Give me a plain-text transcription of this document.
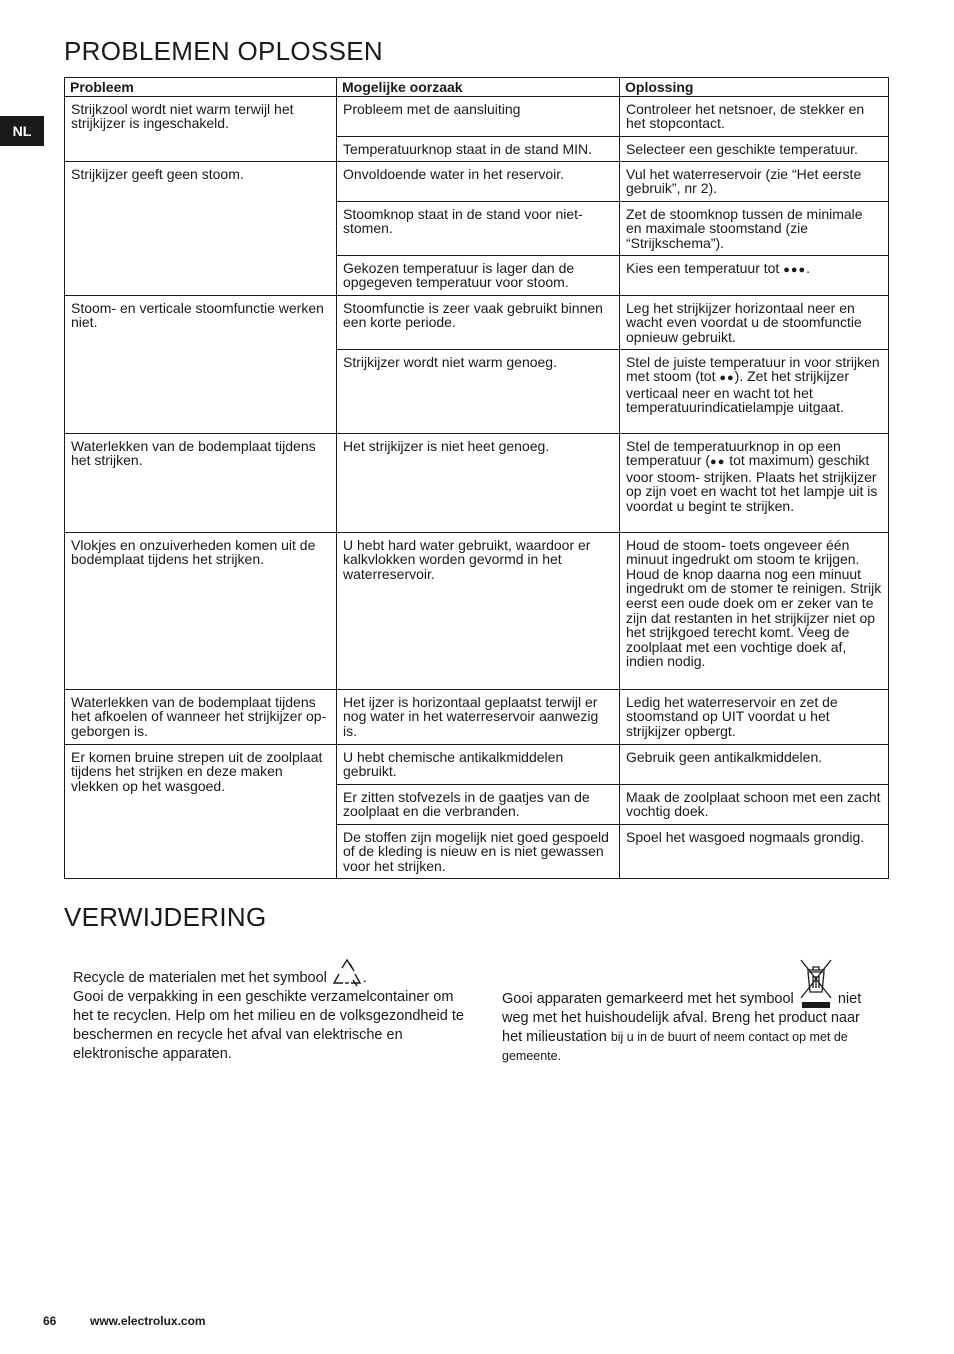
NL
PROBLEMEN OPLOSSEN
Probleem	Mogelijke oorzaak	Oplossing
Strijkzool wordt niet warm terwijl het strijkijzer is ingeschakeld.	Probleem met de aansluiting	Controleer het netsnoer, de stekker en het stopcontact.
	Temperatuurknop staat in de stand MIN.	Selecteer een geschikte temperatuur.
Strijkijzer geeft geen stoom.	Onvoldoende water in het reservoir.	Vul het waterreservoir (zie “Het eerste gebruik”, nr 2).
	Stoomknop staat in de stand voor niet-stomen.	Zet de stoomknop tussen de minimale en maximale stoomstand (zie “Strijkschema”).
	Gekozen temperatuur is lager dan de opgegeven temperatuur voor stoom.	Kies een temperatuur tot ●●●.
Stoom- en verticale stoomfunctie werken niet.	Stoomfunctie is zeer vaak gebruikt binnen een korte periode.	Leg het strijkijzer horizontaal neer en wacht even voordat u de stoomfunctie opnieuw gebruikt.
	Strijkijzer wordt niet warm genoeg.	Stel de juiste temperatuur in voor strijken met stoom (tot ●●). Zet het strijkijzer verticaal neer en wacht tot het temperatuurindicatielampje uitgaat.
Waterlekken van de bodemplaat tijdens het strijken.	Het strijkijzer is niet heet genoeg.	Stel de temperatuurknop in op een temperatuur (●● tot maximum) geschikt voor stoom- strijken. Plaats het strijkijzer op zijn voet en wacht tot het lampje uit is voordat u begint te strijken.
Vlokjes en onzuiverheden komen uit de bodemplaat tijdens het strijken.	U hebt hard water gebruikt, waardoor er kalkvlokken worden gevormd in het waterreservoir.	Houd de stoom- toets ongeveer één minuut ingedrukt om stoom te krijgen. Houd de knop daarna nog een minuut ingedrukt om de stomer te reinigen. Strijk eerst een oude doek om er zeker van te zijn dat restanten in het strijkijzer niet op het strijkgoed terecht komt. Veeg de zoolplaat met een vochtige doek af, indien nodig.
Waterlekken van de bodemplaat tijdens het afkoelen of wanneer het strijkijzer op- geborgen is.	Het ijzer is horizontaal geplaatst terwijl er nog water in het waterreservoir aanwezig is.	Ledig het waterreservoir en zet de stoomstand op UIT voordat u het strijkijzer opbergt.
Er komen bruine strepen uit de zoolplaat tijdens het strijken en deze maken vlekken op het wasgoed.	U hebt chemische antikalkmiddelen gebruikt.	Gebruik geen antikalkmiddelen.
	Er zitten stofvezels in de gaatjes van de zoolplaat en die verbranden.	Maak de zoolplaat schoon met een zacht vochtig doek.
	De stoffen zijn mogelijk niet goed gespoeld of de kleding is nieuw en is niet gewassen voor het strijken.	Spoel het wasgoed nogmaals grondig.
VERWIJDERING
Recycle de materialen met het symbool .
Gooi de verpakking in een geschikte verzamelcontainer om het te recyclen. Help om het milieu en de volksgezondheid te beschermen en recycle het afval van elektrische en elektronische apparaten.
Gooi apparaten gemarkeerd met het symbool	niet
weg met het huishoudelijk afval. Breng het product naar het milieustation bij u in de buurt of neem contact op met de gemeente.
66	www.electrolux.com
